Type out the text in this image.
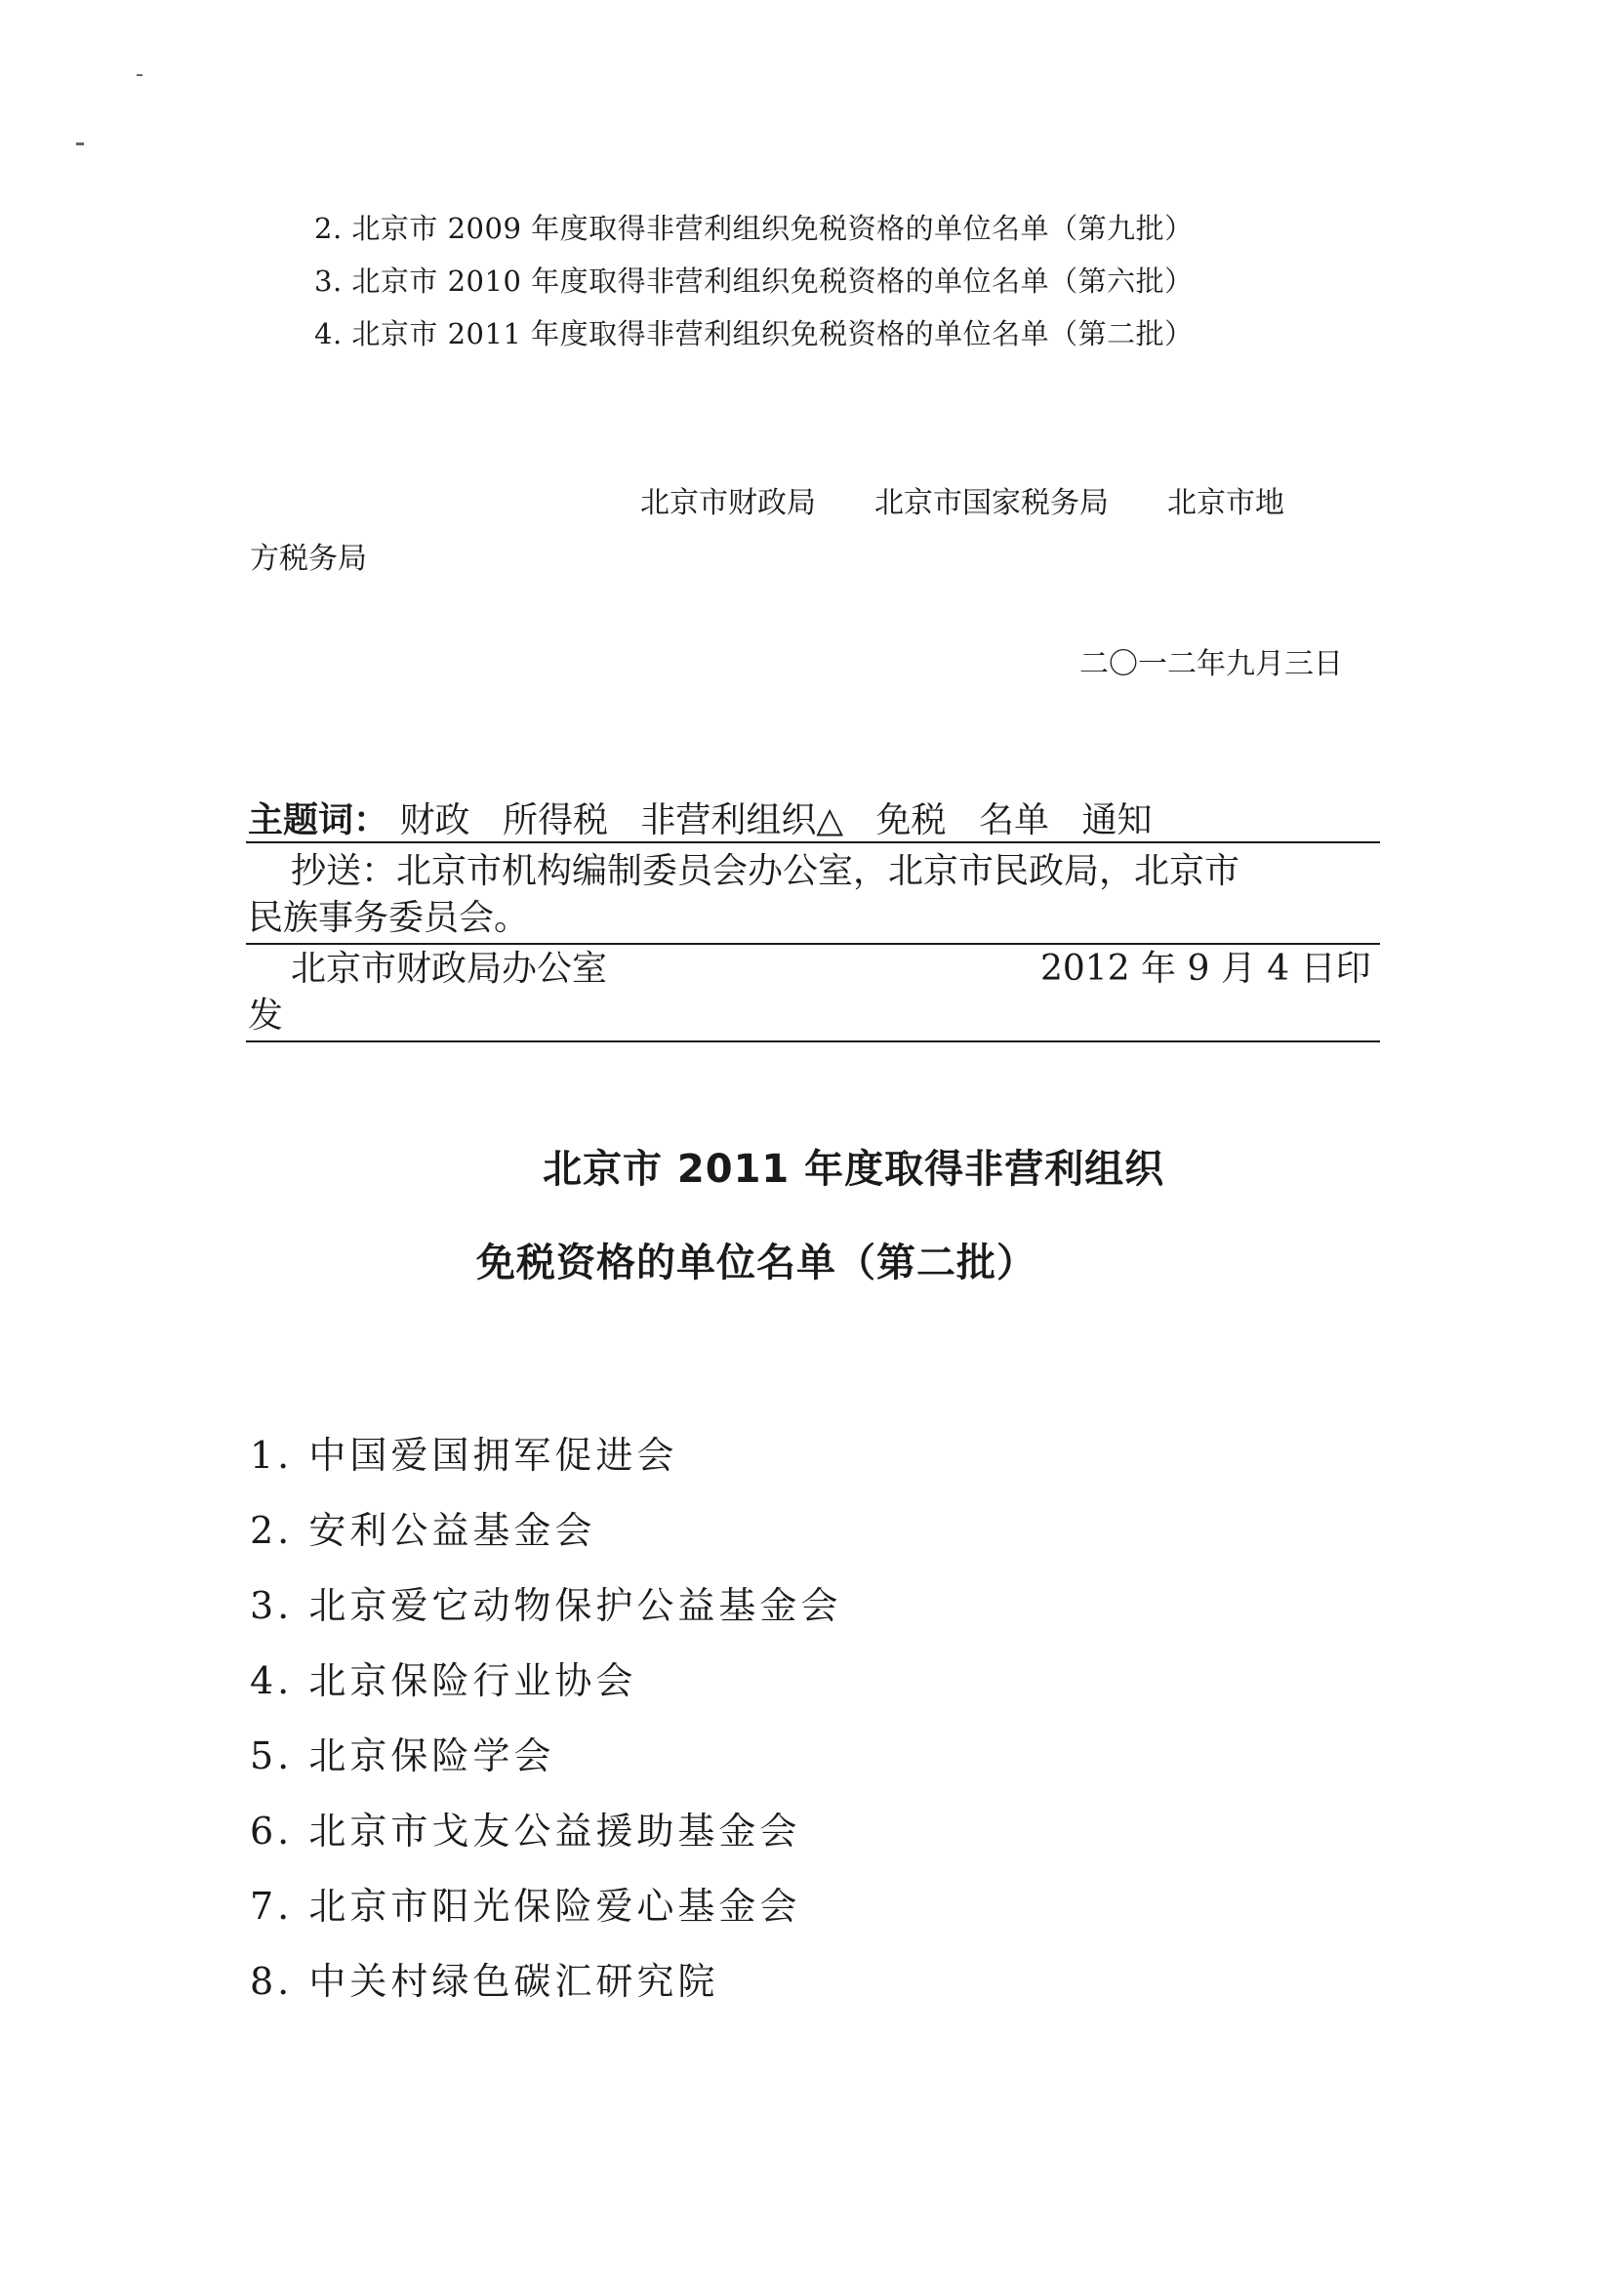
2. 北京市 2009 年度取得非营利组织免税资格的单位名单（第九批）
3. 北京市 2010 年度取得非营利组织免税资格的单位名单（第六批）
4. 北京市 2011 年度取得非营利组织免税资格的单位名单（第二批）
北京市财政局　　北京市国家税务局　　北京市地
方税务局
二〇一二年九月三日
主题词： 财政 所得税 非营利组织△ 免税 名单 通知
抄送：北京市机构编制委员会办公室，北京市民政局，北京市
民族事务委员会。
北京市财政局办公室	2012 年 9 月 4 日印
发
北京市 2011 年度取得非营利组织
免税资格的单位名单（第二批）
1. 中国爱国拥军促进会
2. 安利公益基金会
3. 北京爱它动物保护公益基金会
4. 北京保险行业协会
5. 北京保险学会
6. 北京市戈友公益援助基金会
7. 北京市阳光保险爱心基金会
8. 中关村绿色碳汇研究院
